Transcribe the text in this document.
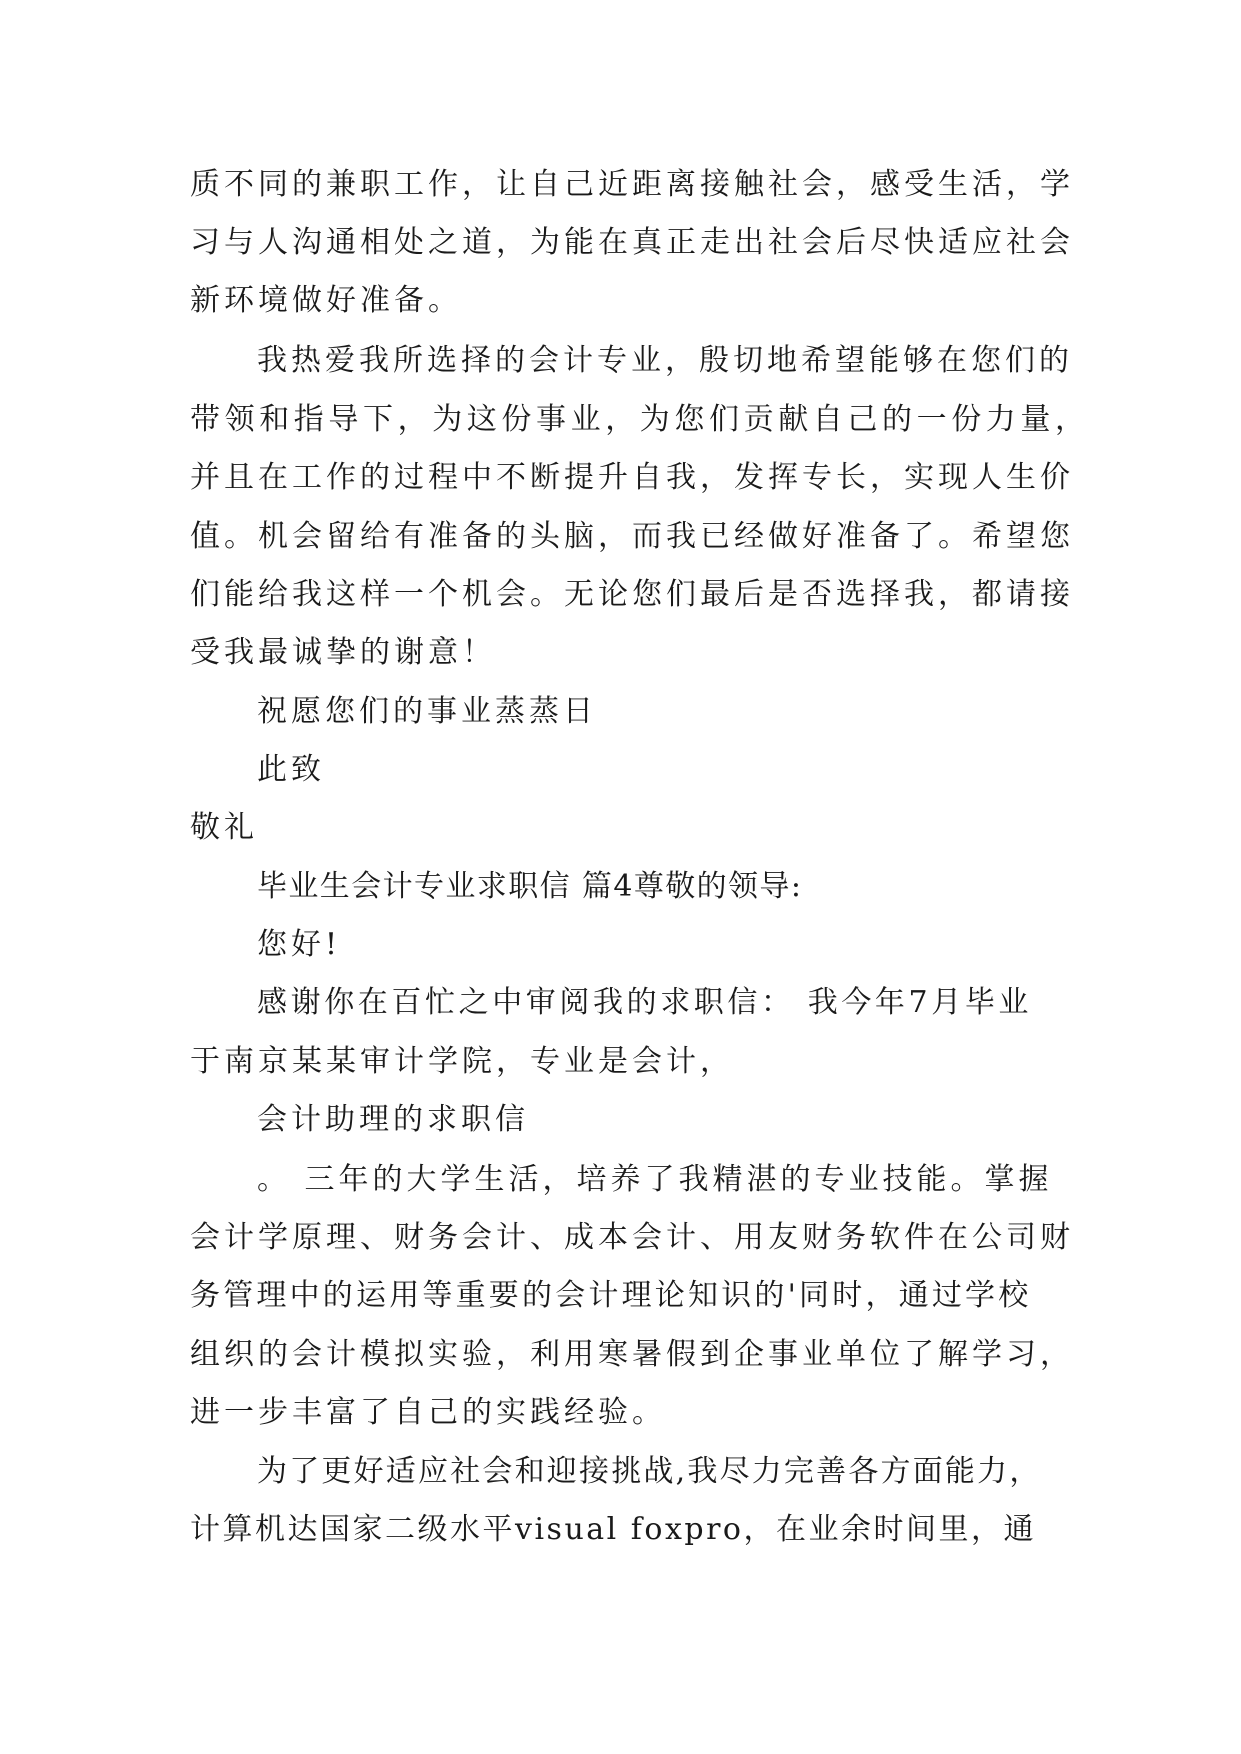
质不同的兼职工作，让自己近距离接触社会，感受生活，学

习与人沟通相处之道，为能在真正走出社会后尽快适应社会

新环境做好准备。

我热爱我所选择的会计专业，殷切地希望能够在您们的

带领和指导下，为这份事业，为您们贡献自己的一份力量，

并且在工作的过程中不断提升自我，发挥专长，实现人生价

值。机会留给有准备的头脑，而我已经做好准备了。希望您

们能给我这样一个机会。无论您们最后是否选择我，都请接

受我最诚挚的谢意！

祝愿您们的事业蒸蒸日

此致

敬礼

毕业生会计专业求职信 篇4尊敬的领导:

您好!

感谢你在百忙之中审阅我的求职信： 我今年7月毕业

于南京某某审计学院，专业是会计，

会计助理的求职信

。 三年的大学生活，培养了我精湛的专业技能。掌握

会计学原理、财务会计、成本会计、用友财务软件在公司财

务管理中的运用等重要的会计理论知识的'同时，通过学校

组织的会计模拟实验，利用寒暑假到企事业单位了解学习，

进一步丰富了自己的实践经验。

为了更好适应社会和迎接挑战,我尽力完善各方面能力，

计算机达国家二级水平visual foxpro，在业余时间里，通
